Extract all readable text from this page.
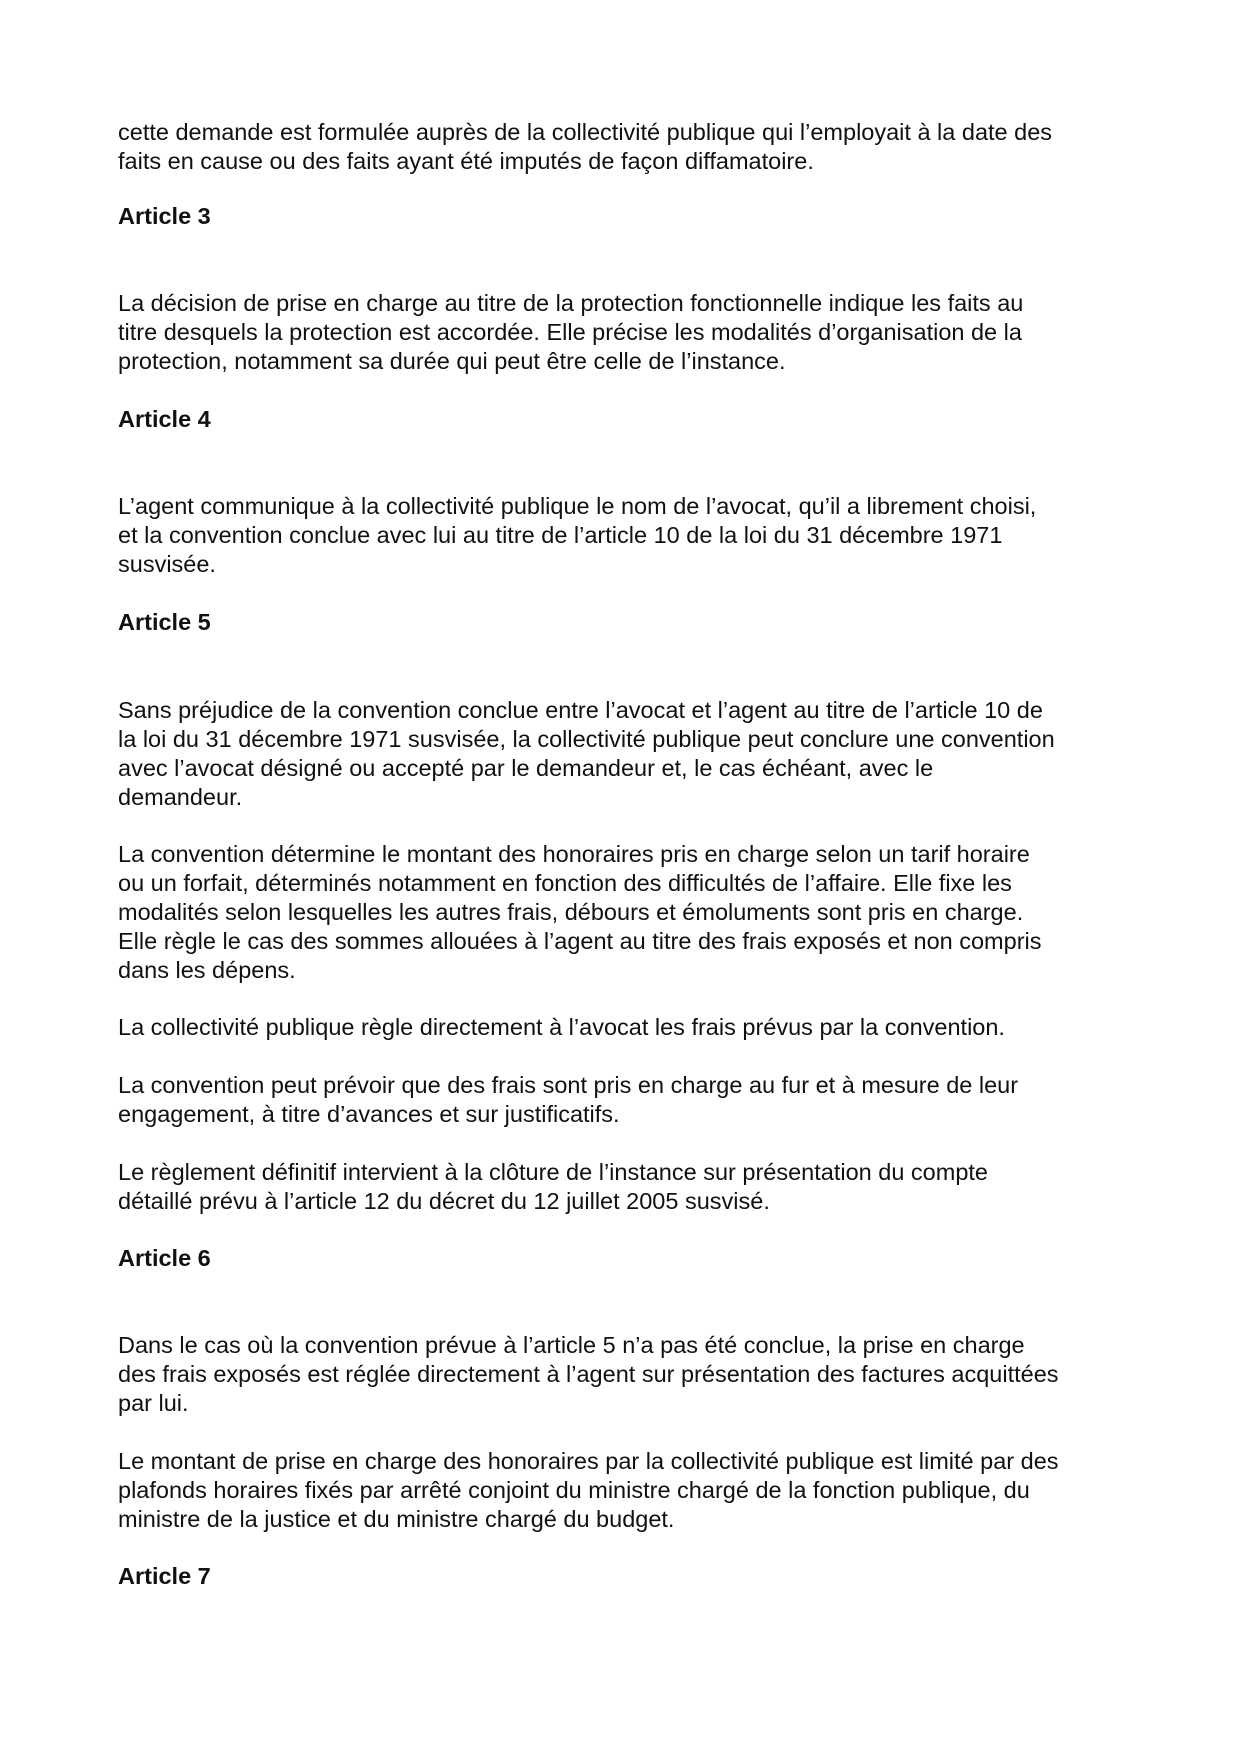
cette demande est formulée auprès de la collectivité publique qui l’employait à la date des
faits en cause ou des faits ayant été imputés de façon diffamatoire.

Article 3

La décision de prise en charge au titre de la protection fonctionnelle indique les faits au
titre desquels la protection est accordée. Elle précise les modalités d’organisation de la
protection, notamment sa durée qui peut être celle de l’instance.

Article 4

L’agent communique à la collectivité publique le nom de l’avocat, qu’il a librement choisi,
et la convention conclue avec lui au titre de l’article 10 de la loi du 31 décembre 1971
susvisée.

Article 5

Sans préjudice de la convention conclue entre l’avocat et l’agent au titre de l’article 10 de
la loi du 31 décembre 1971 susvisée, la collectivité publique peut conclure une convention
avec l’avocat désigné ou accepté par le demandeur et, le cas échéant, avec le
demandeur.

La convention détermine le montant des honoraires pris en charge selon un tarif horaire
ou un forfait, déterminés notamment en fonction des difficultés de l’affaire. Elle fixe les
modalités selon lesquelles les autres frais, débours et émoluments sont pris en charge.
Elle règle le cas des sommes allouées à l’agent au titre des frais exposés et non compris
dans les dépens.

La collectivité publique règle directement à l’avocat les frais prévus par la convention.

La convention peut prévoir que des frais sont pris en charge au fur et à mesure de leur
engagement, à titre d’avances et sur justificatifs.

Le règlement définitif intervient à la clôture de l’instance sur présentation du compte
détaillé prévu à l’article 12 du décret du 12 juillet 2005 susvisé.

Article 6

Dans le cas où la convention prévue à l’article 5 n’a pas été conclue, la prise en charge
des frais exposés est réglée directement à l’agent sur présentation des factures acquittées
par lui.

Le montant de prise en charge des honoraires par la collectivité publique est limité par des
plafonds horaires fixés par arrêté conjoint du ministre chargé de la fonction publique, du
ministre de la justice et du ministre chargé du budget.

Article 7
